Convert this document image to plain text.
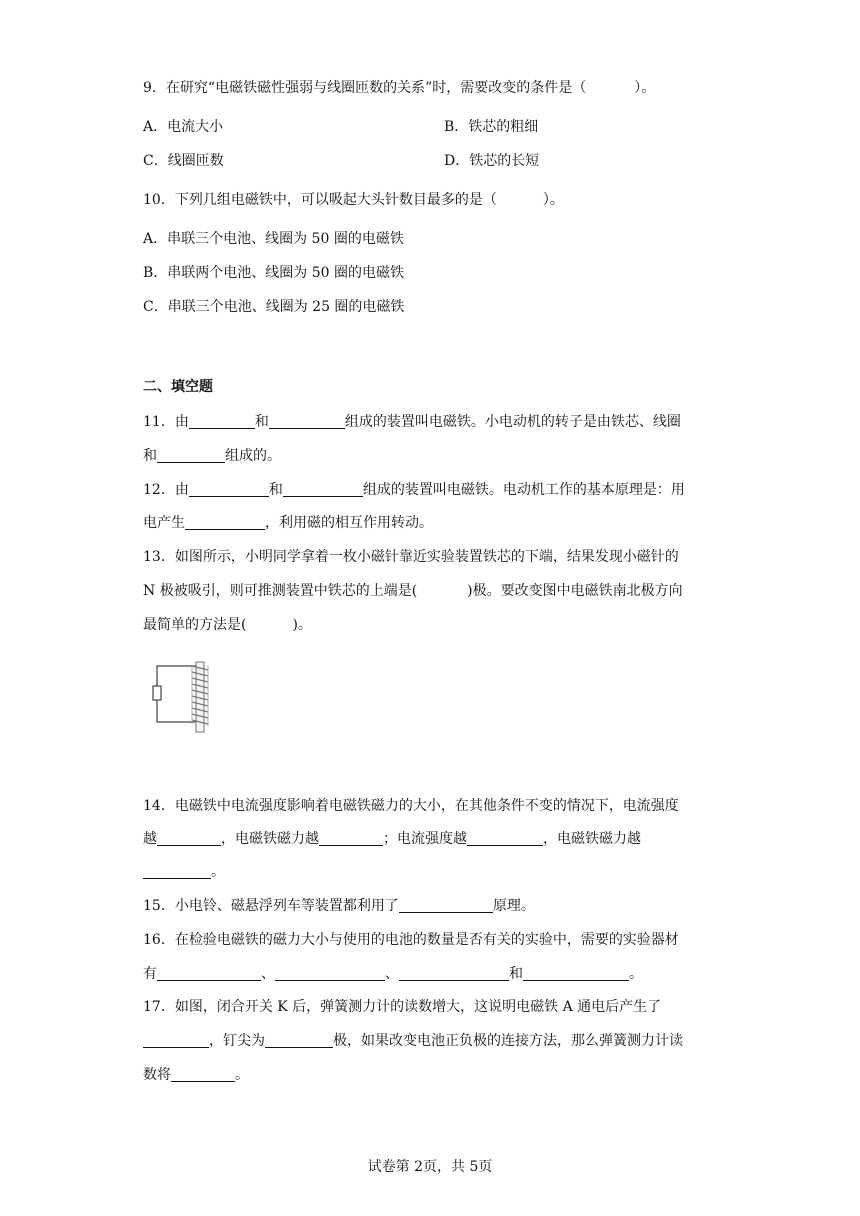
9．在研究“电磁铁磁性强弱与线圈匝数的关系”时，需要改变的条件是（	）。
A．电流大小	B．铁芯的粗细
C．线圈匝数	D．铁芯的长短
10．下列几组电磁铁中，可以吸起大头针数目最多的是（	）。
A．串联三个电池、线圈为 50 圈的电磁铁
B．串联两个电池、线圈为 50 圈的电磁铁
C．串联三个电池、线圈为 25 圈的电磁铁
二、填空题
11．由	和	组成的装置叫电磁铁。小电动机的转子是由铁芯、线圈
和	组成的。
12．由	和	组成的装置叫电磁铁。电动机工作的基本原理是：用
电产生	，利用磁的相互作用转动。
13．如图所示，小明同学拿着一枚小磁针靠近实验装置铁芯的下端，结果发现小磁针的
N 极被吸引，则可推测装置中铁芯的上端是(	)极。要改变图中电磁铁南北极方向
最简单的方法是(	)。
14．电磁铁中电流强度影响着电磁铁磁力的大小，在其他条件不变的情况下，电流强度
越	，电磁铁磁力越	；电流强度越	，电磁铁磁力越
。
15．小电铃、磁悬浮列车等装置都利用了	原理。
16．在检验电磁铁的磁力大小与使用的电池的数量是否有关的实验中，需要的实验器材
有	、	、	和	。
17．如图，闭合开关 K 后，弹簧测力计的读数增大，这说明电磁铁 A 通电后产生了
，钉尖为	极，如果改变电池正负极的连接方法，那么弹簧测力计读
数将	。
试卷第 2页，共 5页
